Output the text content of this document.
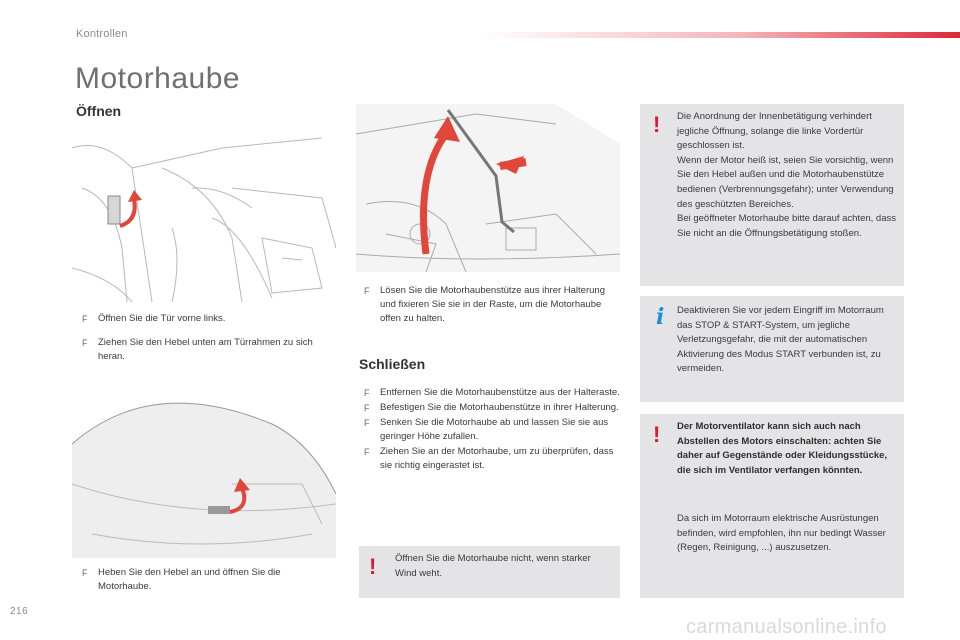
Kontrollen
Motorhaube
Öffnen
F	Öffnen Sie die Tür vorne links.
F	Ziehen Sie den Hebel unten am Türrahmen zu sich heran.
F	Heben Sie den Hebel an und öffnen Sie die Motorhaube.
F	Lösen Sie die Motorhaubenstütze aus ihrer Halterung und fixieren Sie sie in der Raste, um die Motorhaube offen zu halten.
Schließen
F	Entfernen Sie die Motorhaubenstütze aus der Halteraste.
F	Befestigen Sie die Motorhaubenstütze in ihrer Halterung.
F	Senken Sie die Motorhaube ab und lassen Sie sie aus geringer Höhe zufallen.
F	Ziehen Sie an der Motorhaube, um zu überprüfen, dass sie richtig eingerastet ist.
! Öffnen Sie die Motorhaube nicht, wenn starker Wind weht.
! Die Anordnung der Innenbetätigung verhindert jegliche Öffnung, solange die linke Vordertür geschlossen ist.
Wenn der Motor heiß ist, seien Sie vorsichtig, wenn Sie den Hebel außen und die Motorhaubenstütze bedienen (Verbrennungsgefahr); unter Verwendung des geschützten Bereiches.
Bei geöffneter Motorhaube bitte darauf achten, dass Sie nicht an die Öffnungsbetätigung stoßen.
i Deaktivieren Sie vor jedem Eingriff im Motorraum das STOP & START-System, um jegliche Verletzungsgefahr, die mit der automatischen Aktivierung des Modus START verbunden ist, zu vermeiden.
! Der Motorventilator kann sich auch nach Abstellen des Motors einschalten: achten Sie daher auf Gegenstände oder Kleidungsstücke, die sich im Ventilator verfangen könnten.
Da sich im Motorraum elektrische Ausrüstungen befinden, wird empfohlen, ihn nur bedingt Wasser (Regen, Reinigung, ...) auszusetzen.
216
carmanualsonline.info
